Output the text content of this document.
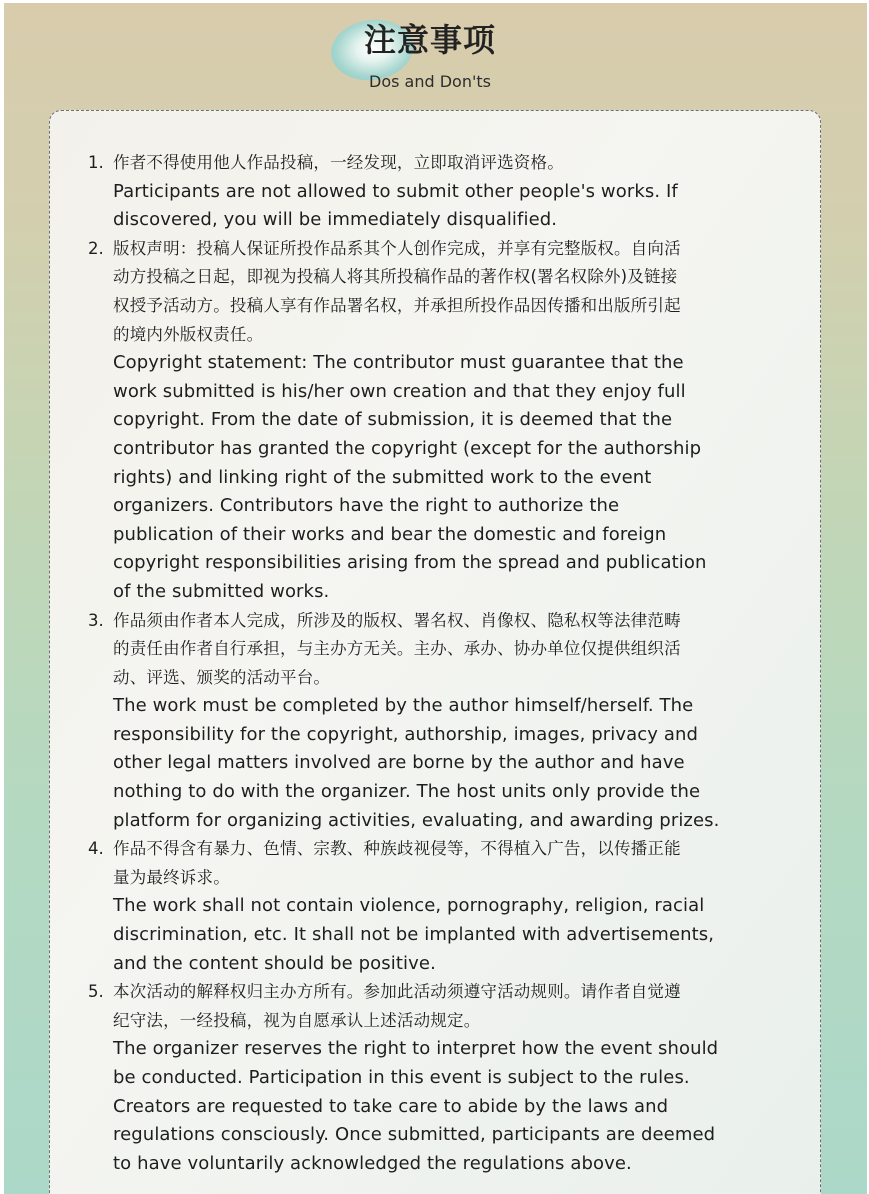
注意事项
Dos and Don'ts
1. 作者不得使用他人作品投稿，一经发现，立即取消评选资格。
Participants are not allowed to submit other people's works. If
discovered, you will be immediately disqualified.
2. 版权声明：投稿人保证所投作品系其个人创作完成，并享有完整版权。自向活
动方投稿之日起，即视为投稿人将其所投稿作品的著作权(署名权除外)及链接
权授予活动方。投稿人享有作品署名权，并承担所投作品因传播和出版所引起
的境内外版权责任。
Copyright statement: The contributor must guarantee that the
work submitted is his/her own creation and that they enjoy full
copyright. From the date of submission, it is deemed that the
contributor has granted the copyright (except for the authorship
rights) and linking right of the submitted work to the event
organizers. Contributors have the right to authorize the
publication of their works and bear the domestic and foreign
copyright responsibilities arising from the spread and publication
of the submitted works.
3. 作品须由作者本人完成，所涉及的版权、署名权、肖像权、隐私权等法律范畴
的责任由作者自行承担，与主办方无关。主办、承办、协办单位仅提供组织活
动、评选、颁奖的活动平台。
The work must be completed by the author himself/herself. The
responsibility for the copyright, authorship, images, privacy and
other legal matters involved are borne by the author and have
nothing to do with the organizer. The host units only provide the
platform for organizing activities, evaluating, and awarding prizes.
4. 作品不得含有暴力、色情、宗教、种族歧视侵等，不得植入广告，以传播正能
量为最终诉求。
The work shall not contain violence, pornography, religion, racial
discrimination, etc. It shall not be implanted with advertisements,
and the content should be positive.
5. 本次活动的解释权归主办方所有。参加此活动须遵守活动规则。请作者自觉遵
纪守法，一经投稿，视为自愿承认上述活动规定。
The organizer reserves the right to interpret how the event should
be conducted. Participation in this event is subject to the rules.
Creators are requested to take care to abide by the laws and
regulations consciously. Once submitted, participants are deemed
to have voluntarily acknowledged the regulations above.
